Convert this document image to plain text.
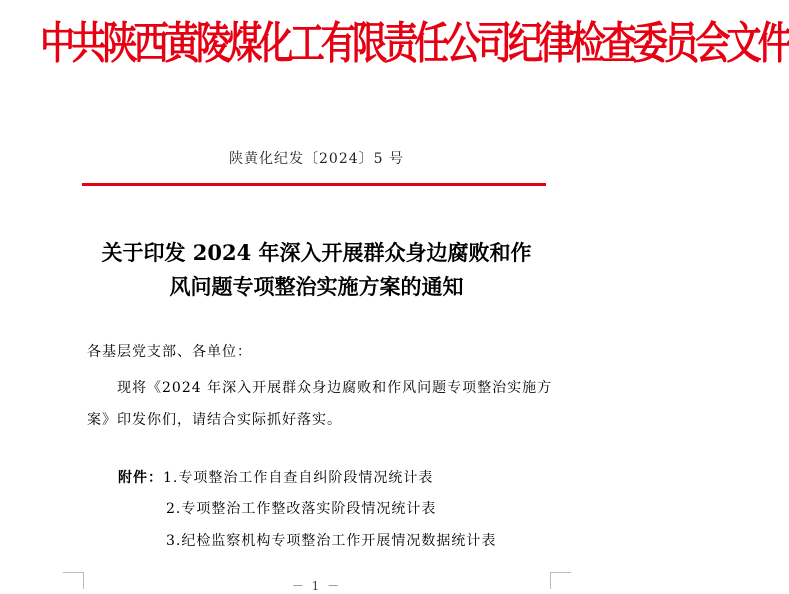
中共陕西黄陵煤化工有限责任公司纪律检查委员会文件
陕黄化纪发〔2024〕5 号
关于印发 2024 年深入开展群众身边腐败和作
风问题专项整治实施方案的通知
各基层党支部、各单位：

现将《2024 年深入开展群众身边腐败和作风问题专项整治实施方案》印发你们，请结合实际抓好落实。

附件：1.专项整治工作自查自纠阶段情况统计表
2.专项整治工作整改落实阶段情况统计表
3.纪检监察机构专项整治工作开展情况数据统计表
－ 1 －
